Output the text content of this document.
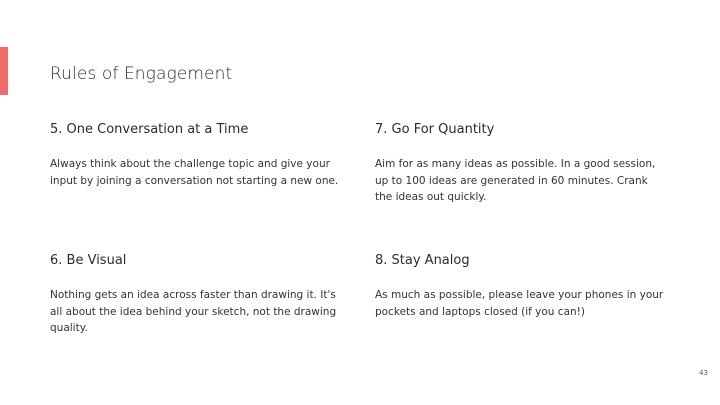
Rules of Engagement

5. One Conversation at a Time

Always think about the challenge topic and give your
input by joining a conversation not starting a new one.

7. Go For Quantity

Aim for as many ideas as possible. In a good session,
up to 100 ideas are generated in 60 minutes. Crank
the ideas out quickly.

6. Be Visual

Nothing gets an idea across faster than drawing it. It's
all about the idea behind your sketch, not the drawing
quality.

8. Stay Analog

As much as possible, please leave your phones in your
pockets and laptops closed (if you can!)

43
